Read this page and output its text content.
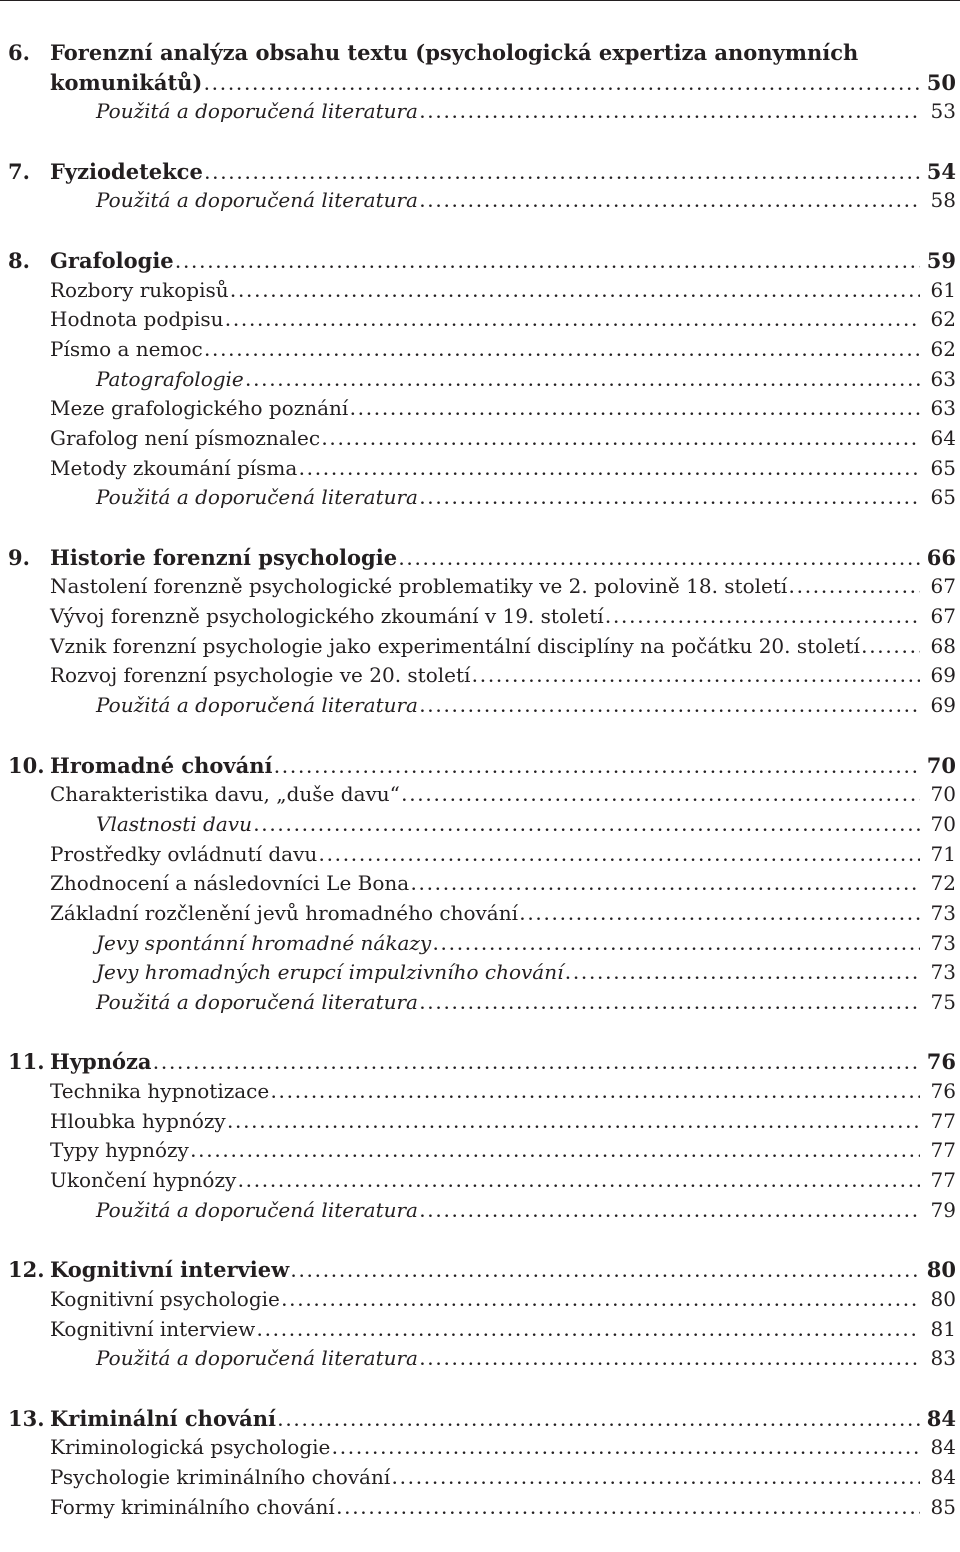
6. Forenzní analýza obsahu textu (psychologická expertiza anonymních
komunikátů) .....	50
Použitá a doporučená literatura .....	53
7. Fyziodetekce .....	54
Použitá a doporučená literatura .....	58
8. Grafologie .....	59
Rozbory rukopisů .....	61
Hodnota podpisu .....	62
Písmo a nemoc .....	62
Patografologie .....	63
Meze grafologického poznání .....	63
Grafolog není písmoznalec .....	64
Metody zkoumání písma .....	65
Použitá a doporučená literatura .....	65
9. Historie forenzní psychologie .....	66
Nastolení forenzně psychologické problematiky ve 2. polovině 18. století .....	67
Vývoj forenzně psychologického zkoumání v 19. století .....	67
Vznik forenzní psychologie jako experimentální disciplíny na počátku 20. století .....	68
Rozvoj forenzní psychologie ve 20. století .....	69
Použitá a doporučená literatura .....	69
10. Hromadné chování .....	70
Charakteristika davu, „duše davu“ .....	70
Vlastnosti davu .....	70
Prostředky ovládnutí davu .....	71
Zhodnocení a následovníci Le Bona .....	72
Základní rozčlenění jevů hromadného chování .....	73
Jevy spontánní hromadné nákazy .....	73
Jevy hromadných erupcí impulzivního chování .....	73
Použitá a doporučená literatura .....	75
11. Hypnóza .....	76
Technika hypnotizace .....	76
Hloubka hypnózy .....	77
Typy hypnózy .....	77
Ukončení hypnózy .....	77
Použitá a doporučená literatura .....	79
12. Kognitivní interview .....	80
Kognitivní psychologie .....	80
Kognitivní interview .....	81
Použitá a doporučená literatura .....	83
13. Kriminální chování .....	84
Kriminologická psychologie .....	84
Psychologie kriminálního chování .....	84
Formy kriminálního chování .....	85
